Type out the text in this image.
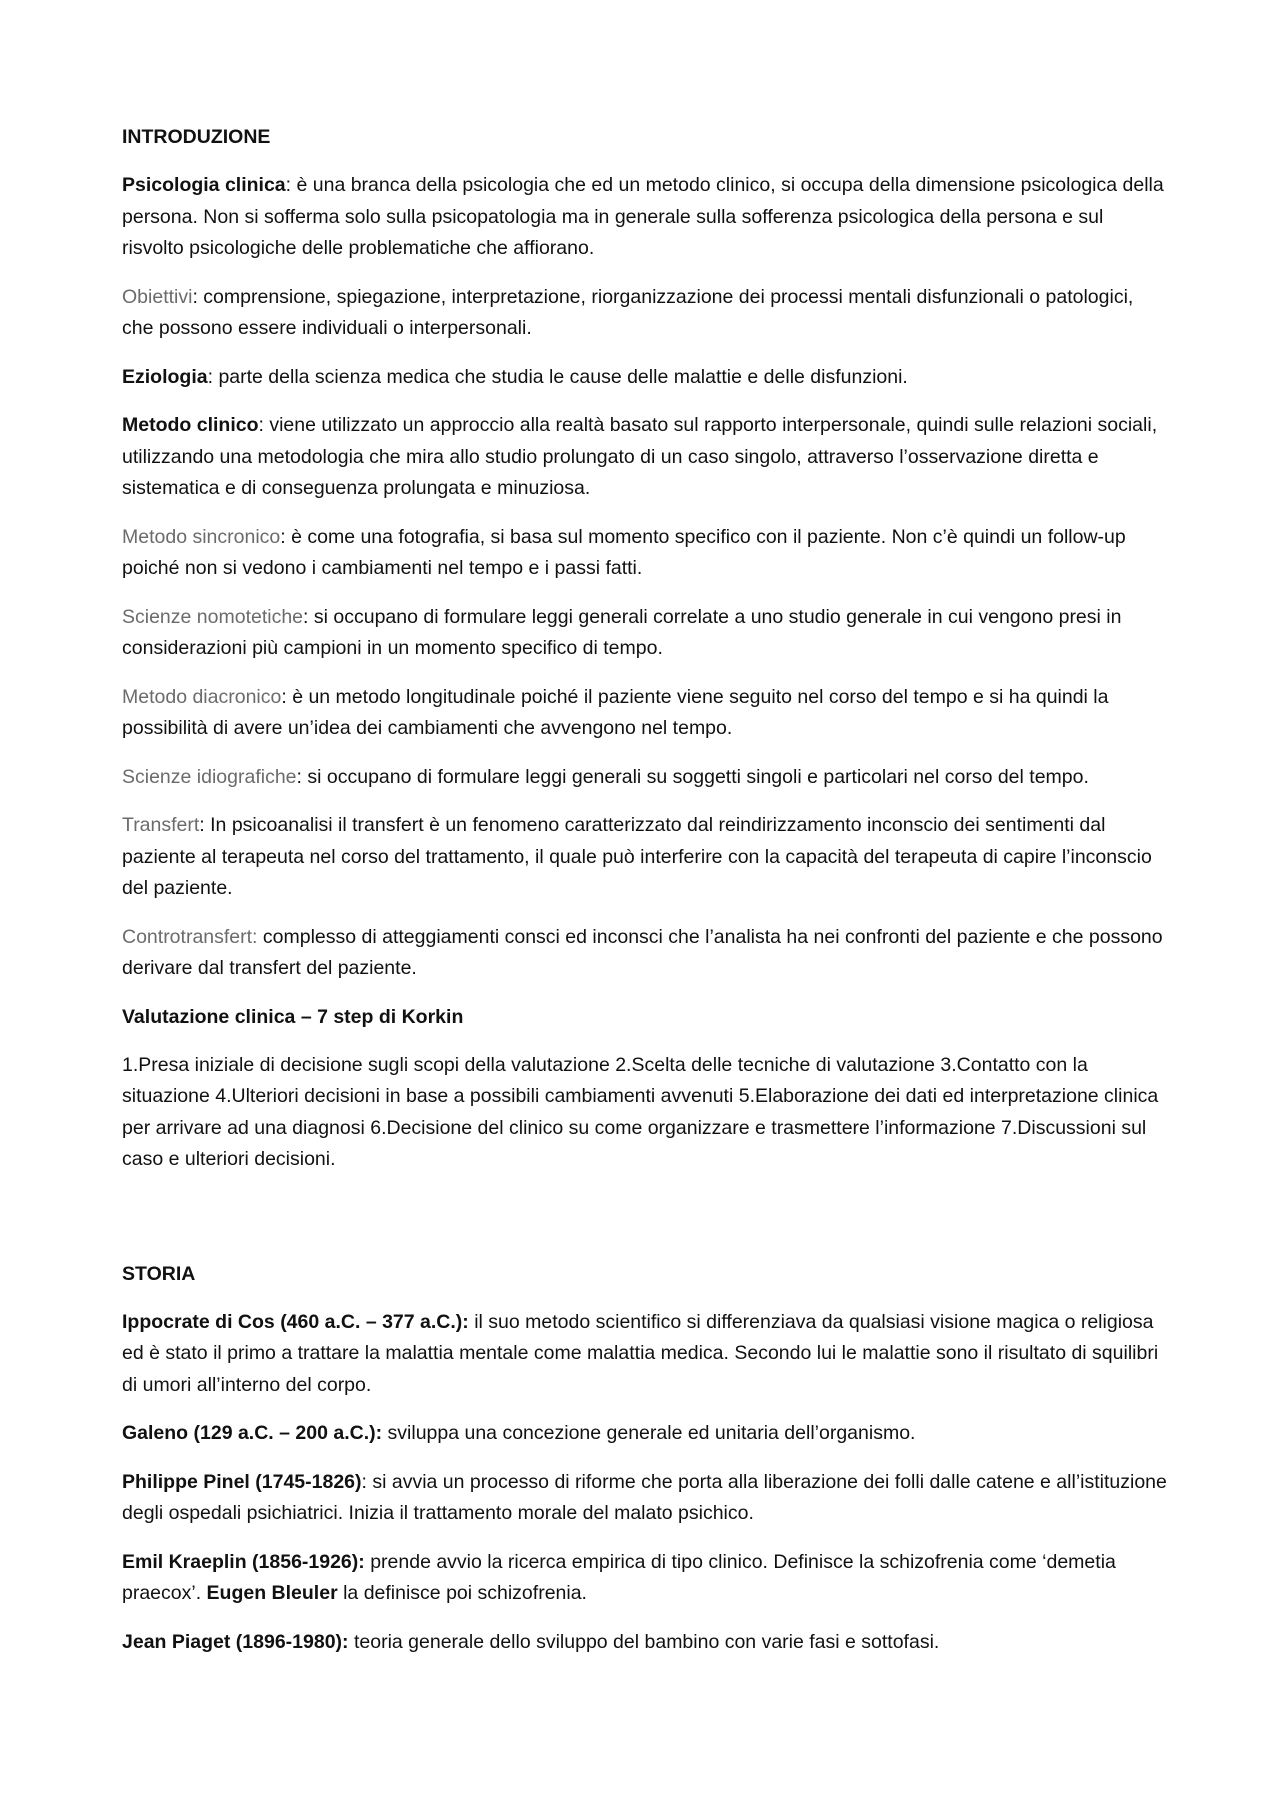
INTRODUZIONE

Psicologia clinica: è una branca della psicologia che ed un metodo clinico, si occupa della dimensione psicologica della persona. Non si sofferma solo sulla psicopatologia ma in generale sulla sofferenza psicologica della persona e sul risvolto psicologiche delle problematiche che affiorano.

Obiettivi: comprensione, spiegazione, interpretazione, riorganizzazione dei processi mentali disfunzionali o patologici, che possono essere individuali o interpersonali.

Eziologia: parte della scienza medica che studia le cause delle malattie e delle disfunzioni.

Metodo clinico: viene utilizzato un approccio alla realtà basato sul rapporto interpersonale, quindi sulle relazioni sociali, utilizzando una metodologia che mira allo studio prolungato di un caso singolo, attraverso l’osservazione diretta e sistematica e di conseguenza prolungata e minuziosa.

Metodo sincronico: è come una fotografia, si basa sul momento specifico con il paziente. Non c’è quindi un follow-up poiché non si vedono i cambiamenti nel tempo e i passi fatti.

Scienze nomotetiche: si occupano di formulare leggi generali correlate a uno studio generale in cui vengono presi in considerazioni più campioni in un momento specifico di tempo.

Metodo diacronico: è un metodo longitudinale poiché il paziente viene seguito nel corso del tempo e si ha quindi la possibilità di avere un’idea dei cambiamenti che avvengono nel tempo.

Scienze idiografiche: si occupano di formulare leggi generali su soggetti singoli e particolari nel corso del tempo.

Transfert: In psicoanalisi il transfert è un fenomeno caratterizzato dal reindirizzamento inconscio dei sentimenti dal paziente al terapeuta nel corso del trattamento, il quale può interferire con la capacità del terapeuta di capire l’inconscio del paziente.

Controtransfert: complesso di atteggiamenti consci ed inconsci che l’analista ha nei confronti del paziente e che possono derivare dal transfert del paziente.

Valutazione clinica – 7 step di Korkin

1.Presa iniziale di decisione sugli scopi della valutazione 2.Scelta delle tecniche di valutazione 3.Contatto con la situazione 4.Ulteriori decisioni in base a possibili cambiamenti avvenuti 5.Elaborazione dei dati ed interpretazione clinica per arrivare ad una diagnosi 6.Decisione del clinico su come organizzare e trasmettere l’informazione 7.Discussioni sul caso e ulteriori decisioni.

STORIA

Ippocrate di Cos (460 a.C. – 377 a.C.): il suo metodo scientifico si differenziava da qualsiasi visione magica o religiosa ed è stato il primo a trattare la malattia mentale come malattia medica. Secondo lui le malattie sono il risultato di squilibri di umori all’interno del corpo.

Galeno (129 a.C. – 200 a.C.): sviluppa una concezione generale ed unitaria dell’organismo.

Philippe Pinel (1745-1826): si avvia un processo di riforme che porta alla liberazione dei folli dalle catene e all’istituzione degli ospedali psichiatrici. Inizia il trattamento morale del malato psichico.

Emil Kraeplin (1856-1926): prende avvio la ricerca empirica di tipo clinico. Definisce la schizofrenia come ‘demetia praecox’. Eugen Bleuler la definisce poi schizofrenia.

Jean Piaget (1896-1980): teoria generale dello sviluppo del bambino con varie fasi e sottofasi.
